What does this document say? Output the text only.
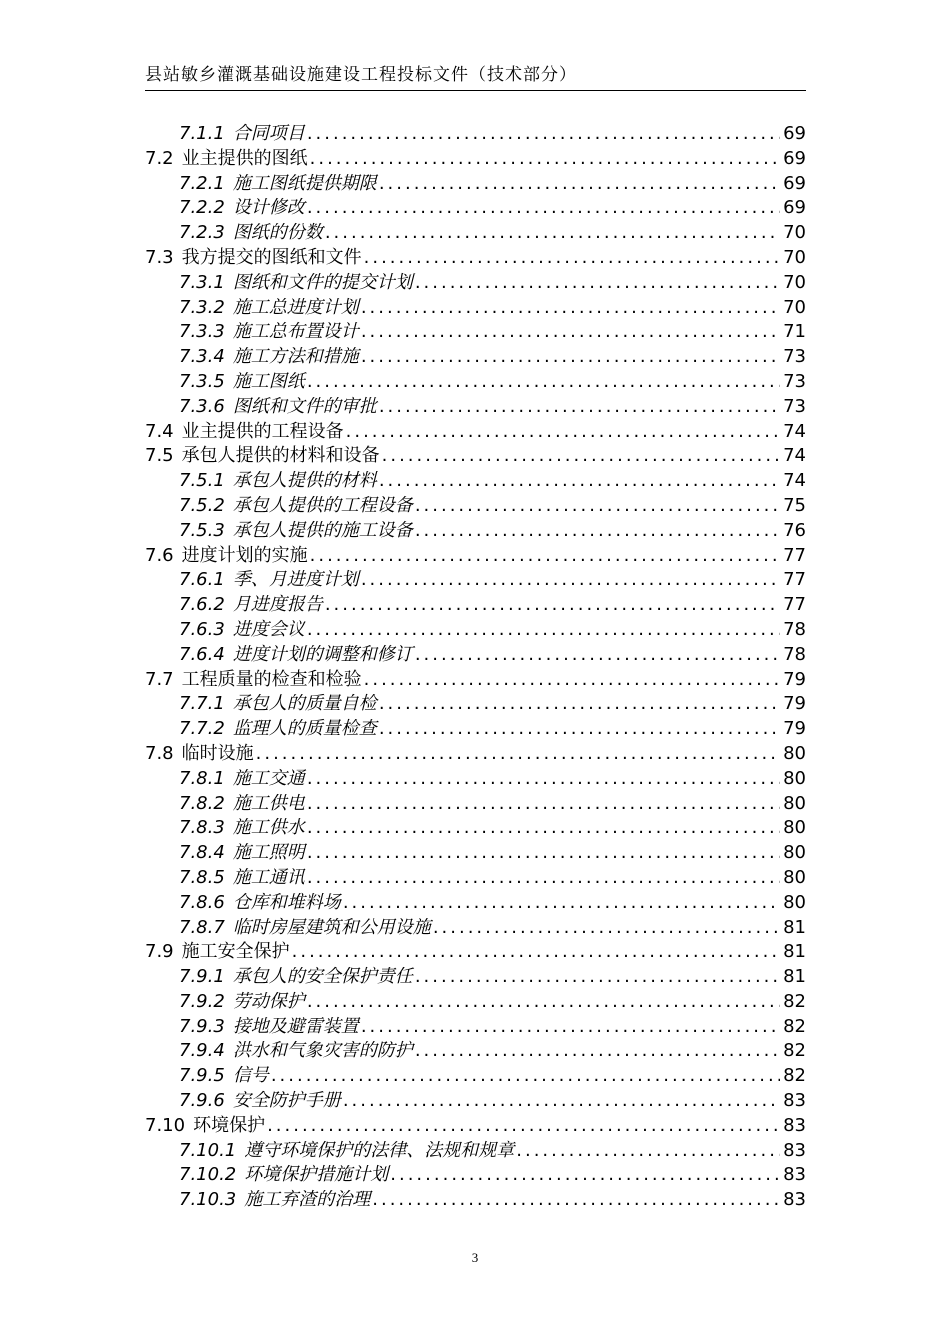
县站敏乡灌溉基础设施建设工程投标文件（技术部分）
7.1.1 合同项目 .....	69
7.2 业主提供的图纸 .....	69
7.2.1 施工图纸提供期限 .....	69
7.2.2 设计修改 .....	69
7.2.3 图纸的份数 .....	70
7.3 我方提交的图纸和文件 .....	70
7.3.1 图纸和文件的提交计划 .....	70
7.3.2 施工总进度计划 .....	70
7.3.3 施工总布置设计 .....	71
7.3.4 施工方法和措施 .....	73
7.3.5 施工图纸 .....	73
7.3.6 图纸和文件的审批 .....	73
7.4 业主提供的工程设备 .....	74
7.5 承包人提供的材料和设备 .....	74
7.5.1 承包人提供的材料 .....	74
7.5.2 承包人提供的工程设备 .....	75
7.5.3 承包人提供的施工设备 .....	76
7.6 进度计划的实施 .....	77
7.6.1 季、月进度计划 .....	77
7.6.2 月进度报告 .....	77
7.6.3 进度会议 .....	78
7.6.4 进度计划的调整和修订 .....	78
7.7 工程质量的检查和检验 .....	79
7.7.1 承包人的质量自检 .....	79
7.7.2 监理人的质量检查 .....	79
7.8 临时设施 .....	80
7.8.1 施工交通 .....	80
7.8.2 施工供电 .....	80
7.8.3 施工供水 .....	80
7.8.4 施工照明 .....	80
7.8.5 施工通讯 .....	80
7.8.6 仓库和堆料场 .....	80
7.8.7 临时房屋建筑和公用设施 .....	81
7.9 施工安全保护 .....	81
7.9.1 承包人的安全保护责任 .....	81
7.9.2 劳动保护 .....	82
7.9.3 接地及避雷装置 .....	82
7.9.4 洪水和气象灾害的防护 .....	82
7.9.5 信号 .....	82
7.9.6 安全防护手册 .....	83
7.10 环境保护 .....	83
7.10.1 遵守环境保护的法律、法规和规章 .....	83
7.10.2 环境保护措施计划 .....	83
7.10.3 施工弃渣的治理 .....	83
3
